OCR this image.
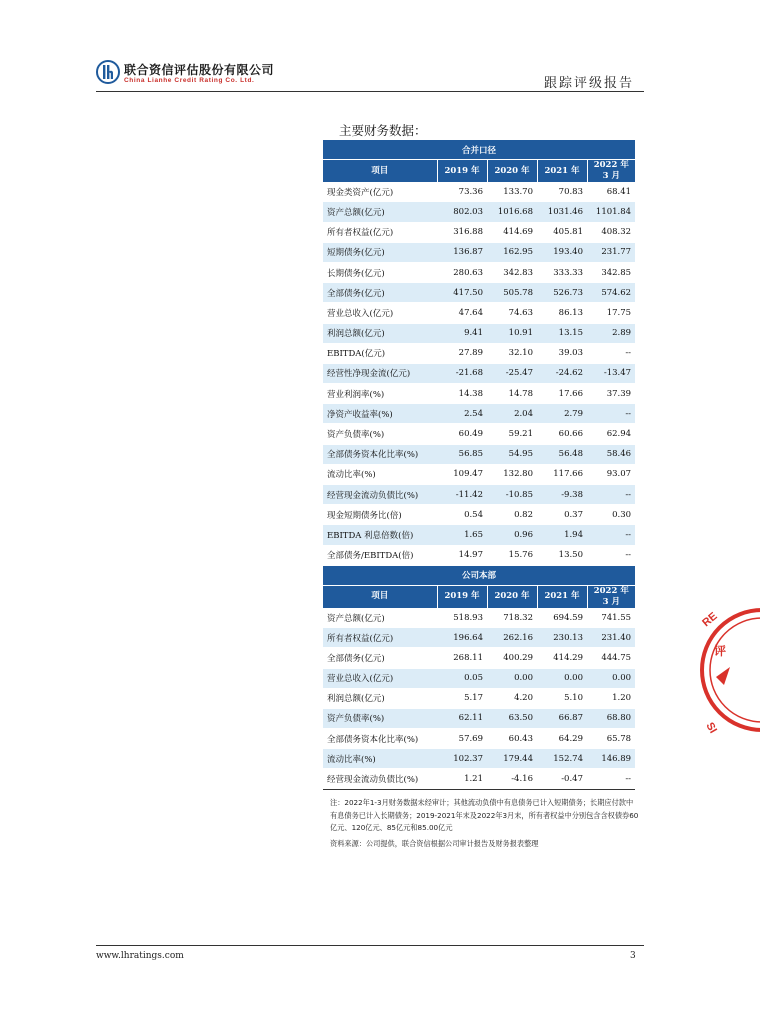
联合资信评估股份有限公司
China Lianhe Credit Rating Co. Ltd.	跟踪评级报告
主要财务数据：
合并口径				
项目	2019 年	2020 年	2021 年	2022 年
3 月
现金类资产(亿元)	73.36	133.70	70.83	68.41
资产总额(亿元)	802.03	1016.68	1031.46	1101.84
所有者权益(亿元)	316.88	414.69	405.81	408.32
短期债务(亿元)	136.87	162.95	193.40	231.77
长期债务(亿元)	280.63	342.83	333.33	342.85
全部债务(亿元)	417.50	505.78	526.73	574.62
营业总收入(亿元)	47.64	74.63	86.13	17.75
利润总额(亿元)	9.41	10.91	13.15	2.89
EBITDA(亿元)	27.89	32.10	39.03	--
经营性净现金流(亿元)	-21.68	-25.47	-24.62	-13.47
营业利润率(%)	14.38	14.78	17.66	37.39
净资产收益率(%)	2.54	2.04	2.79	--
资产负债率(%)	60.49	59.21	60.66	62.94
全部债务资本化比率(%)	56.85	54.95	56.48	58.46
流动比率(%)	109.47	132.80	117.66	93.07
经营现金流动负债比(%)	-11.42	-10.85	-9.38	--
现金短期债务比(倍)	0.54	0.82	0.37	0.30
EBITDA 利息倍数(倍)	1.65	0.96	1.94	--
全部债务/EBITDA(倍)	14.97	15.76	13.50	--
公司本部				
项目	2019 年	2020 年	2021 年	2022 年
3 月
资产总额(亿元)	518.93	718.32	694.59	741.55
所有者权益(亿元)	196.64	262.16	230.13	231.40
全部债务(亿元)	268.11	400.29	414.29	444.75
营业总收入(亿元)	0.05	0.00	0.00	0.00
利润总额(亿元)	5.17	4.20	5.10	1.20
资产负债率(%)	62.11	63.50	66.87	68.80
全部债务资本化比率(%)	57.69	60.43	64.29	65.78
流动比率(%)	102.37	179.44	152.74	146.89
经营现金流动负债比(%)	1.21	-4.16	-0.47	--
注：2022年1-3月财务数据未经审计；其他流动负债中有息债务已计入短期债务；长期应付款中有息债务已计入长期债务；2019-2021年末及2022年3月末，所有者权益中分别包含含权债券60亿元、120亿元、85亿元和85.00亿元
资料来源：公司提供，联合资信根据公司审计报告及财务报表整理
RE
评
SI
www.lhratings.com	3
